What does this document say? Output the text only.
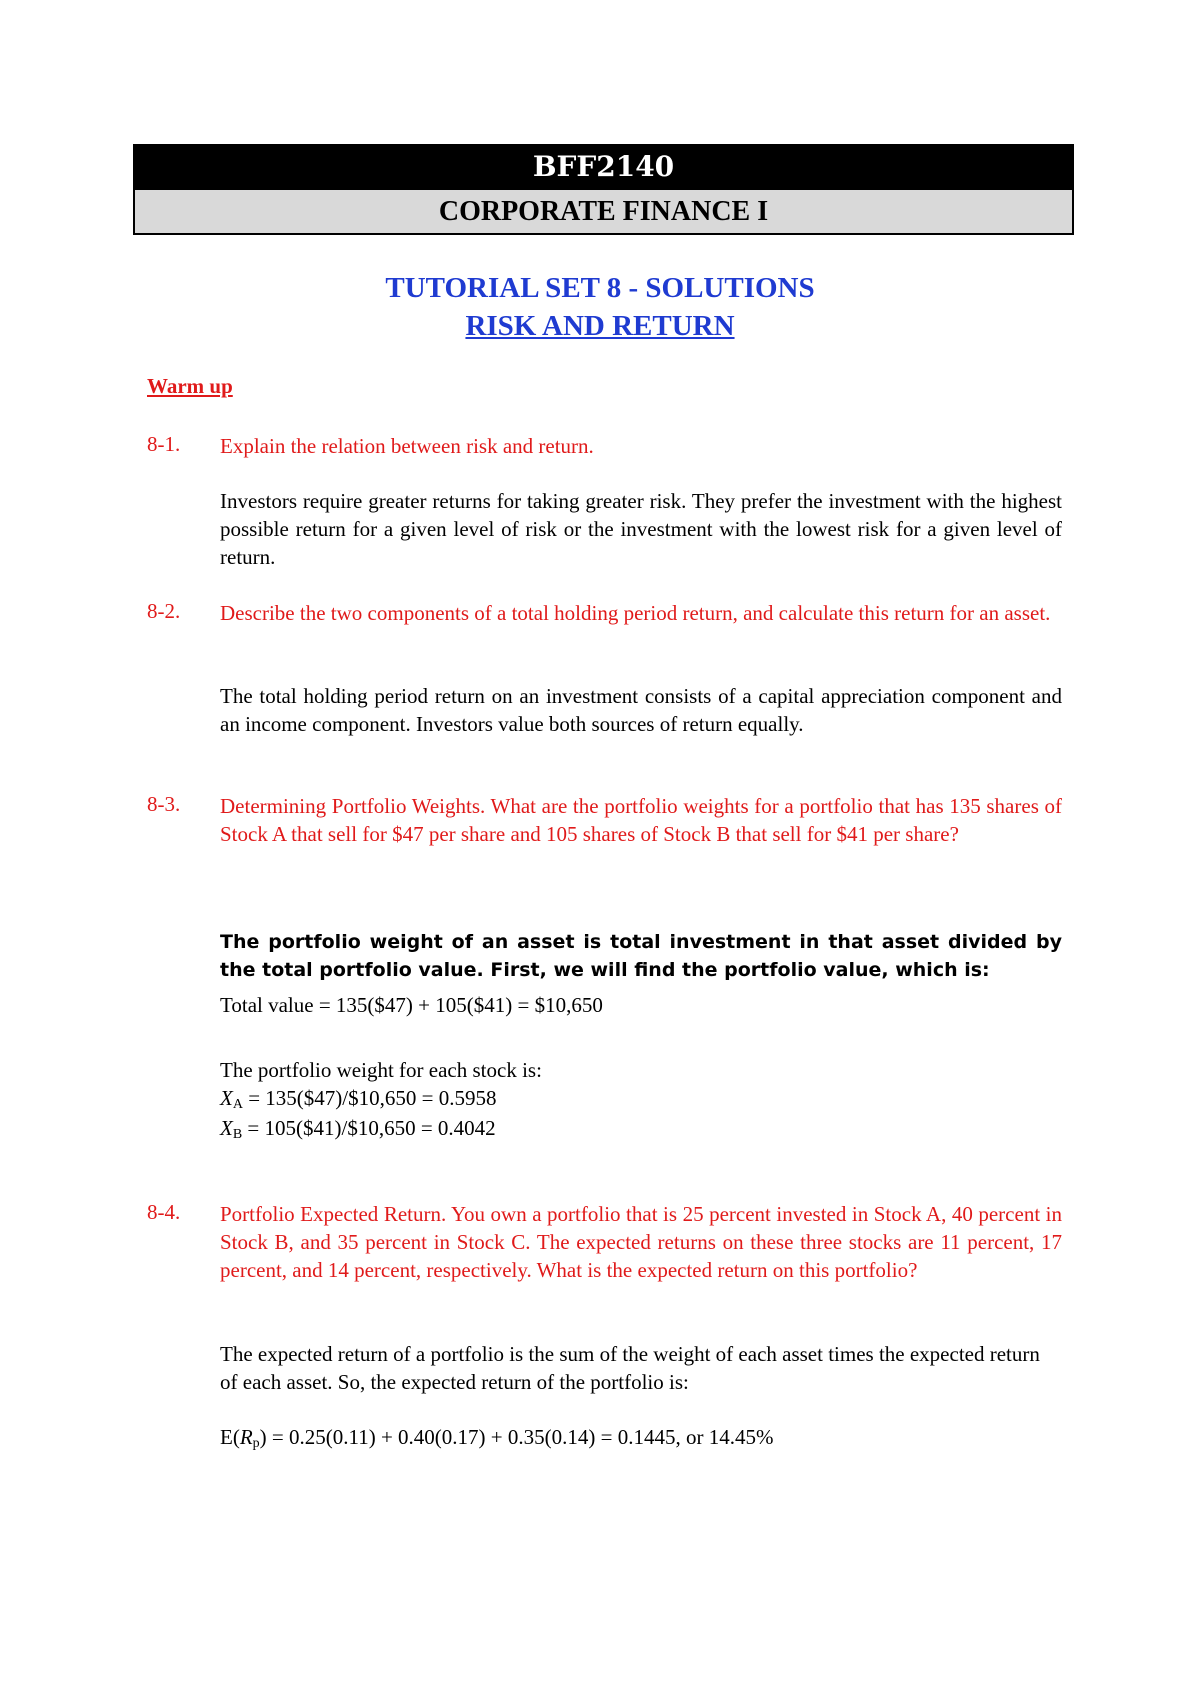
BFF2140
CORPORATE FINANCE I
TUTORIAL SET 8 - SOLUTIONS
RISK AND RETURN
Warm up
8-1. Explain the relation between risk and return.
Investors require greater returns for taking greater risk. They prefer the investment with the highest possible return for a given level of risk or the investment with the lowest risk for a given level of return.
8-2. Describe the two components of a total holding period return, and calculate this return for an asset.
The total holding period return on an investment consists of a capital appreciation component and an income component. Investors value both sources of return equally.
8-3. Determining Portfolio Weights. What are the portfolio weights for a portfolio that has 135 shares of Stock A that sell for $47 per share and 105 shares of Stock B that sell for $41 per share?
The portfolio weight of an asset is total investment in that asset divided by the total portfolio value. First, we will find the portfolio value, which is:
Total value = 135($47) + 105($41) = $10,650
The portfolio weight for each stock is:
$X_A$ = 135($47)/$10,650 = 0.5958
$X_B$ = 105($41)/$10,650 = 0.4042
8-4. Portfolio Expected Return. You own a portfolio that is 25 percent invested in Stock A, 40 percent in Stock B, and 35 percent in Stock C. The expected returns on these three stocks are 11 percent, 17 percent, and 14 percent, respectively. What is the expected return on this portfolio?
The expected return of a portfolio is the sum of the weight of each asset times the expected return of each asset. So, the expected return of the portfolio is:
$E(R_p) = 0.25(0.11) + 0.40(0.17) + 0.35(0.14) = 0.1445$, or 14.45%
